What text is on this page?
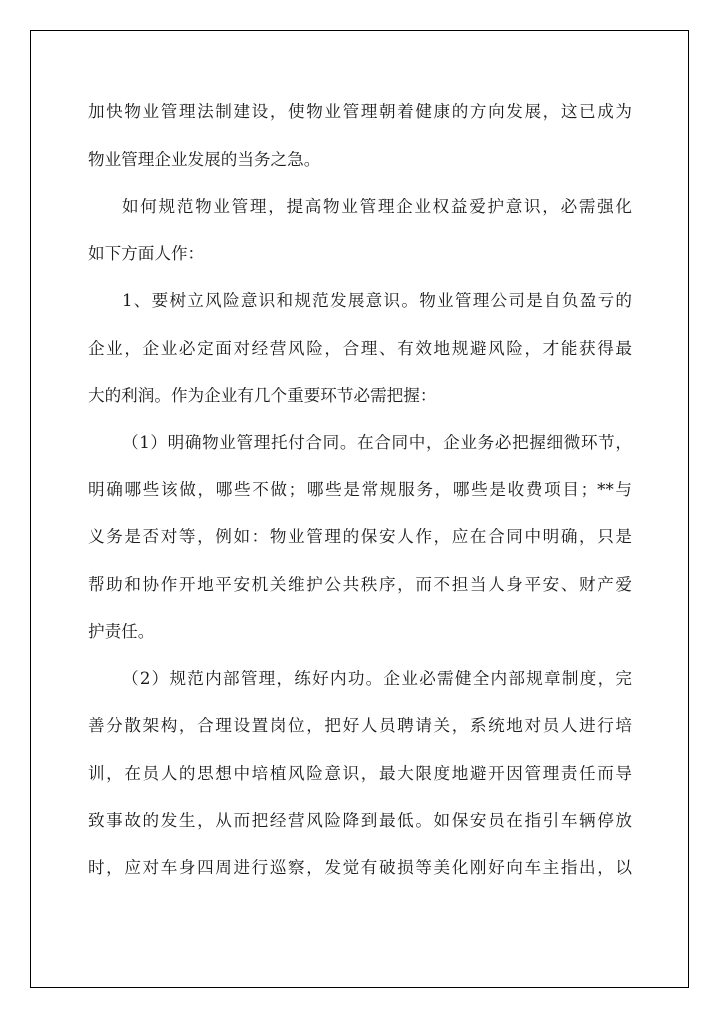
加快物业管理法制建设，使物业管理朝着健康的方向发展，这已成为
物业管理企业发展的当务之急。
如何规范物业管理，提高物业管理企业权益爱护意识，必需强化
如下方面人作：
1、要树立风险意识和规范发展意识。物业管理公司是自负盈亏的
企业，企业必定面对经营风险，合理、有效地规避风险，才能获得最
大的利润。作为企业有几个重要环节必需把握：
（1）明确物业管理托付合同。在合同中，企业务必把握细微环节，
明确哪些该做，哪些不做；哪些是常规服务，哪些是收费项目；**与
义务是否对等，例如：物业管理的保安人作，应在合同中明确，只是
帮助和协作开地平安机关维护公共秩序，而不担当人身平安、财产爱
护责任。
（2）规范内部管理，练好内功。企业必需健全内部规章制度，完
善分散架构，合理设置岗位，把好人员聘请关，系统地对员人进行培
训，在员人的思想中培植风险意识，最大限度地避开因管理责任而导
致事故的发生，从而把经营风险降到最低。如保安员在指引车辆停放
时，应对车身四周进行巡察，发觉有破损等美化刚好向车主指出，以
